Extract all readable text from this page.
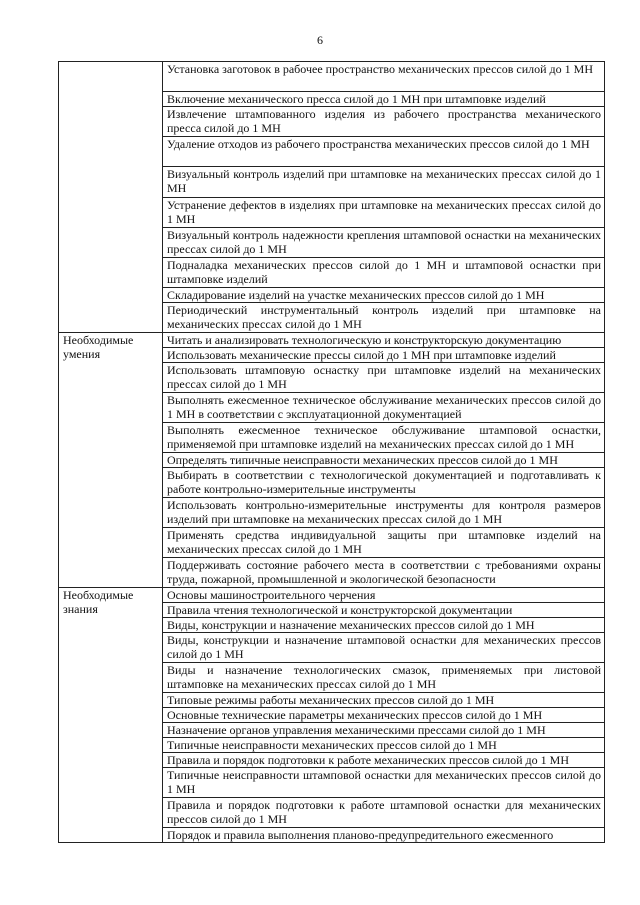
6
	Установка заготовок в рабочее пространство механических прессов силой до 1 МН
	Включение механического пресса силой до 1 МН при штамповке изделий
	Извлечение штампованного изделия из рабочего пространства механического пресса силой до 1 МН
	Удаление отходов из рабочего пространства механических прессов силой до 1 МН
	Визуальный контроль изделий при штамповке на механических прессах силой до 1 МН
	Устранение дефектов в изделиях при штамповке на механических прессах силой до 1 МН
	Визуальный контроль надежности крепления штамповой оснастки на механических прессах силой до 1 МН
	Подналадка механических прессов силой до 1 МН и штамповой оснастки при штамповке изделий
	Складирование изделий на участке механических прессов силой до 1 МН
	Периодический инструментальный контроль изделий при штамповке на механических прессах силой до 1 МН

Необходимые умения	Читать и анализировать технологическую и конструкторскую документацию
	Использовать механические прессы силой до 1 МН при штамповке изделий
	Использовать штамповую оснастку при штамповке изделий на механических прессах силой до 1 МН
	Выполнять ежесменное техническое обслуживание механических прессов силой до 1 МН в соответствии с эксплуатационной документацией
	Выполнять ежесменное техническое обслуживание штамповой оснастки, применяемой при штамповке изделий на механических прессах силой до 1 МН
	Определять типичные неисправности механических прессов силой до 1 МН
	Выбирать в соответствии с технологической документацией и подготавливать к работе контрольно-измерительные инструменты
	Использовать контрольно-измерительные инструменты для контроля размеров изделий при штамповке на механических прессах силой до 1 МН
	Применять средства индивидуальной защиты при штамповке изделий на механических прессах силой до 1 МН
	Поддерживать состояние рабочего места в соответствии с требованиями охраны труда, пожарной, промышленной и экологической безопасности

Необходимые знания	Основы машиностроительного черчения
	Правила чтения технологической и конструкторской документации
	Виды, конструкции и назначение механических прессов силой до 1 МН
	Виды, конструкции и назначение штамповой оснастки для механических прессов силой до 1 МН
	Виды и назначение технологических смазок, применяемых при листовой штамповке на механических прессах силой до 1 МН
	Типовые режимы работы механических прессов силой до 1 МН
	Основные технические параметры механических прессов силой до 1 МН
	Назначение органов управления механическими прессами силой до 1 МН
	Типичные неисправности механических прессов силой до 1 МН
	Правила и порядок подготовки к работе механических прессов силой до 1 МН
	Типичные неисправности штамповой оснастки для механических прессов силой до 1 МН
	Правила и порядок подготовки к работе штамповой оснастки для механических прессов силой до 1 МН
	Порядок и правила выполнения планово-предупредительного ежесменного
